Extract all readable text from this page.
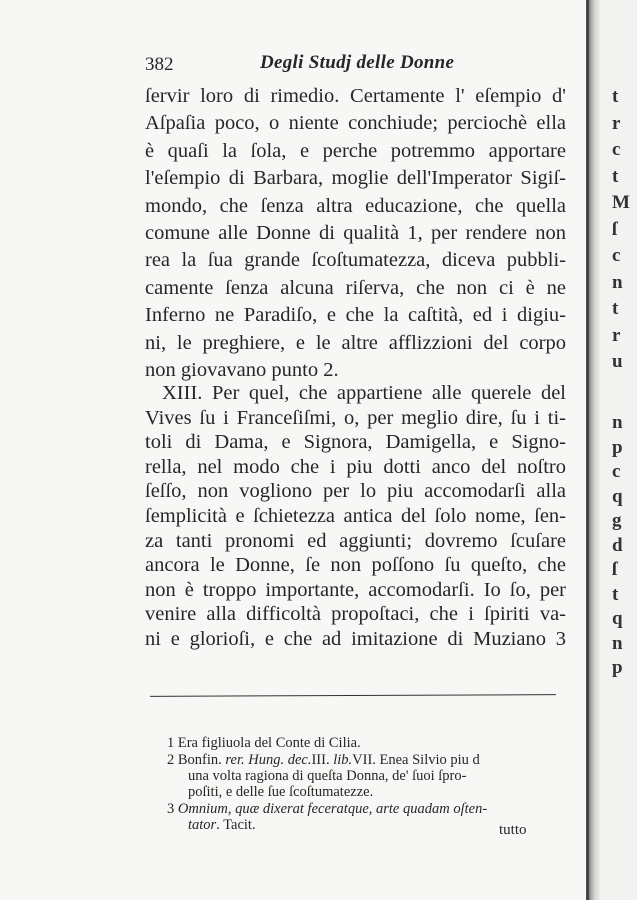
382	Degli Studj delle Donne
ſervir loro di rimedio. Certamente l' eſempio d'
Aſpaſia poco, o niente conchiude; perciochè ella
è quaſi la ſola, e perche potremmo apportare
l'eſempio di Barbara, moglie dell'Imperator Sigiſ-
mondo, che ſenza altra educazione, che quella
comune alle Donne di qualità 1, per rendere non
rea la ſua grande ſcoſtumatezza, diceva pubbli-
camente ſenza alcuna riſerva, che non ci è ne
Inferno ne Paradiſo, e che la caſtità, ed i digiu-
ni, le preghiere, e le altre afflizzioni del corpo
non giovavano punto 2.
XIII. Per quel, che appartiene alle querele del
Vives ſu i Franceſiſmi, o, per meglio dire, ſu i ti-
toli di Dama, e Signora, Damigella, e Signo-
rella, nel modo che i piu dotti anco del noſtro
ſeſſo, non vogliono per lo piu accomodarſi alla
ſemplicità e ſchietezza antica del ſolo nome, ſen-
za tanti pronomi ed aggiunti; dovremo ſcuſare
ancora le Donne, ſe non poſſono ſu queſto, che
non è troppo importante, accomodarſi. Io ſo, per
venire alla difficoltà propoſtaci, che i ſpiriti va-
ni e glorioſi, e che ad imitazione di Muziano 3
1 Era figliuola del Conte di Cilia.
2 Bonfin. rer. Hung. dec.III. lib.VII. Enea Silvio piu d
una volta ragiona di queſta Donna, de' ſuoi ſpro-
poſiti, e delle ſue ſcoſtumatezze.
3 Omnium, quæ dixerat feceratque, arte quadam oſten-
tator. Tacit.	tutto
t
r
c
t
M
ſ
c
n
t
r
u
n
p
c
q
g
d
ſ
t
q
n
p
